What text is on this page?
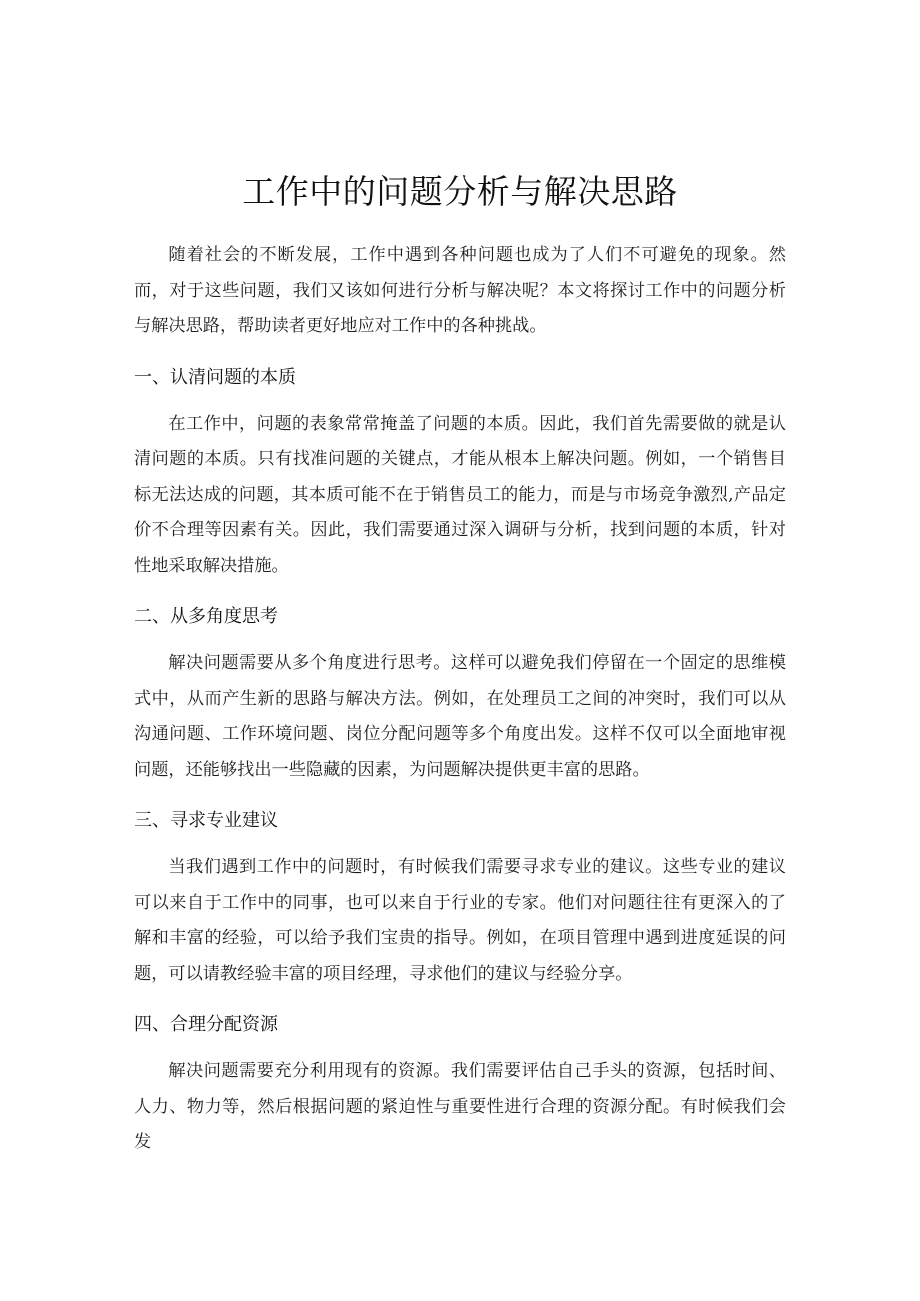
工作中的问题分析与解决思路

随着社会的不断发展，工作中遇到各种问题也成为了人们不可避免的现象。然而，对于这些问题，我们又该如何进行分析与解决呢？本文将探讨工作中的问题分析与解决思路，帮助读者更好地应对工作中的各种挑战。

一、认清问题的本质

在工作中，问题的表象常常掩盖了问题的本质。因此，我们首先需要做的就是认清问题的本质。只有找准问题的关键点，才能从根本上解决问题。例如，一个销售目标无法达成的问题，其本质可能不在于销售员工的能力，而是与市场竞争激烈,产品定价不合理等因素有关。因此，我们需要通过深入调研与分析，找到问题的本质，针对性地采取解决措施。

二、从多角度思考

解决问题需要从多个角度进行思考。这样可以避免我们停留在一个固定的思维模式中，从而产生新的思路与解决方法。例如，在处理员工之间的冲突时，我们可以从沟通问题、工作环境问题、岗位分配问题等多个角度出发。这样不仅可以全面地审视问题，还能够找出一些隐藏的因素，为问题解决提供更丰富的思路。

三、寻求专业建议

当我们遇到工作中的问题时，有时候我们需要寻求专业的建议。这些专业的建议可以来自于工作中的同事，也可以来自于行业的专家。他们对问题往往有更深入的了解和丰富的经验，可以给予我们宝贵的指导。例如，在项目管理中遇到进度延误的问题，可以请教经验丰富的项目经理，寻求他们的建议与经验分享。

四、合理分配资源

解决问题需要充分利用现有的资源。我们需要评估自己手头的资源，包括时间、人力、物力等，然后根据问题的紧迫性与重要性进行合理的资源分配。有时候我们会发
